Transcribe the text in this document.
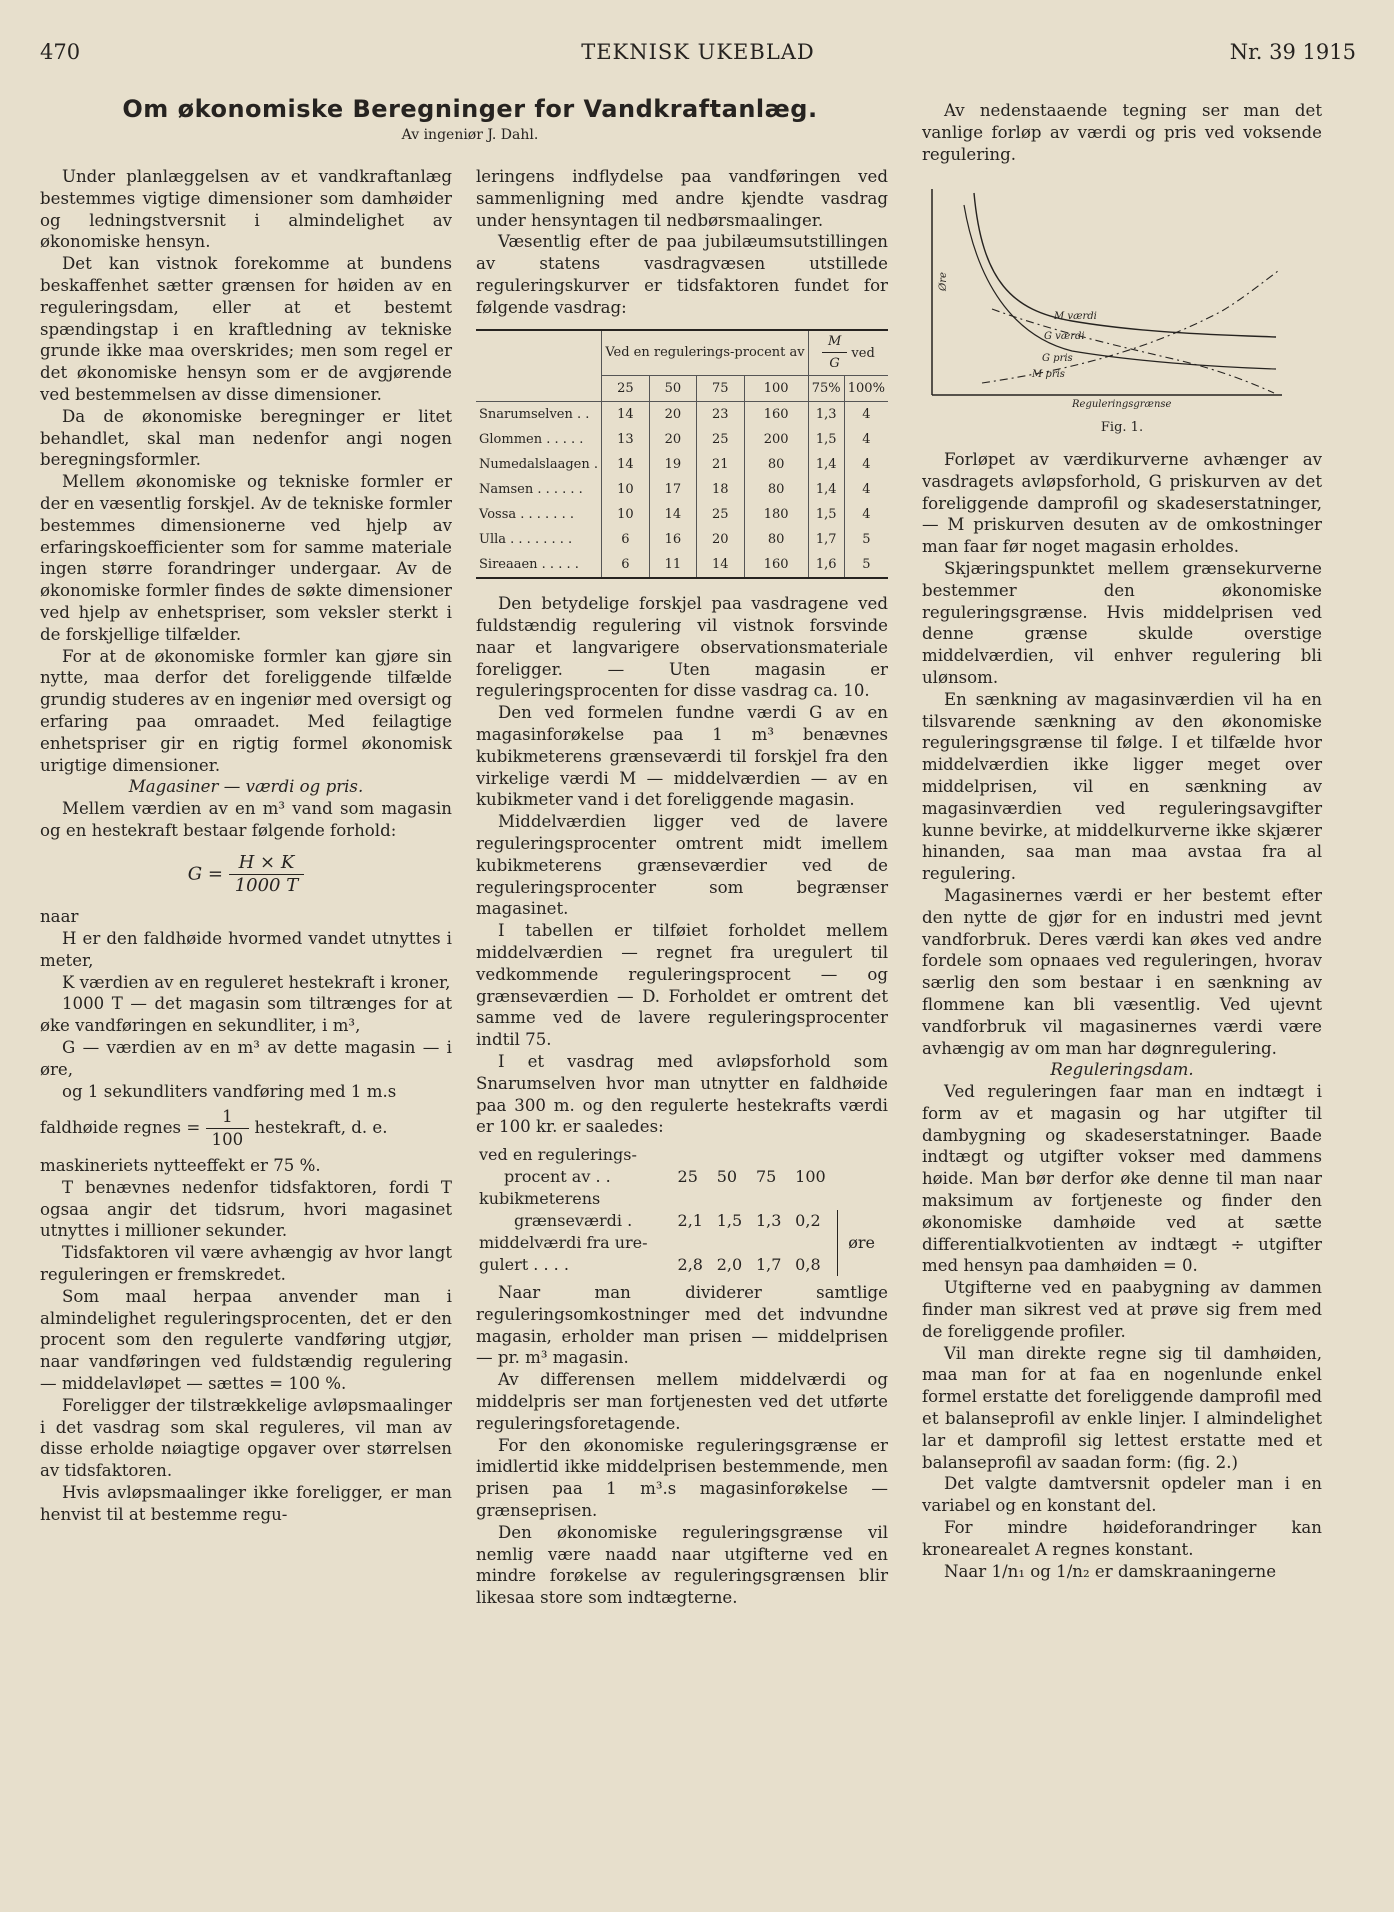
470	TEKNISK UKEBLAD	Nr. 39 1915
Om økonomiske Beregninger for Vandkraftanlæg.
Av ingeniør J. Dahl.

Under planlæggelsen av et vandkraftanlæg bestemmes vigtige dimensioner som damhøider og ledningstversnit i almindelighet av økonomiske hensyn.

Det kan vistnok forekomme at bundens beskaffenhet sætter grænsen for høiden av en reguleringsdam, eller at et bestemt spændingstap i en kraftledning av tekniske grunde ikke maa overskrides; men som regel er det økonomiske hensyn som er de avgjørende ved bestemmelsen av disse dimensioner.

Da de økonomiske beregninger er litet behandlet, skal man nedenfor angi nogen beregningsformler.

Mellem økonomiske og tekniske formler er der en væsentlig forskjel. Av de tekniske formler bestemmes dimensionerne ved hjelp av erfaringskoefficienter som for samme materiale ingen større forandringer undergaar. Av de økonomiske formler findes de søkte dimensioner ved hjelp av enhetspriser, som veksler sterkt i de forskjellige tilfælder.

For at de økonomiske formler kan gjøre sin nytte, maa derfor det foreliggende tilfælde grundig studeres av en ingeniør med oversigt og erfaring paa omraadet. Med feilagtige enhetspriser gir en rigtig formel økonomisk urigtige dimensioner.

Magasiner — værdi og pris.

Mellem værdien av en m³ vand som magasin og en hestekraft bestaar følgende forhold:

$G = \frac{H \times K}{1000 T}$

naar

H er den faldhøide hvormed vandet utnyttes i meter,

K værdien av en reguleret hestekraft i kroner,

1000 T — det magasin som tiltrænges for at øke vandføringen en sekundliter, i m³,

G — værdien av en m³ av dette magasin — i øre,

og 1 sekundliters vandføring med 1 m.s

faldhøide regnes = $\frac{1}{100}$ hestekraft, d. e.

maskineriets nytteeffekt er 75 %.

T benævnes nedenfor tidsfaktoren, fordi T ogsaa angir det tidsrum, hvori magasinet utnyttes i millioner sekunder.

Tidsfaktoren vil være avhængig av hvor langt reguleringen er fremskredet.

Som maal herpaa anvender man i almindelighet reguleringsprocenten, det er den procent som den regulerte vandføring utgjør, naar vandføringen ved fuldstændig regulering — middelavløpet — sættes = 100 %.

Foreligger der tilstrækkelige avløpsmaalinger i det vasdrag som skal reguleres, vil man av disse erholde nøiagtige opgaver over størrelsen av tidsfaktoren.

Hvis avløpsmaalinger ikke foreligger, er man henvist til at bestemme regu-

leringens indflydelse paa vandføringen ved sammenligning med andre kjendte vasdrag under hensyntagen til nedbørsmaalinger.

Væsentlig efter de paa jubilæumsutstillingen av statens vasdragvæsen utstillede reguleringskurver er tidsfaktoren fundet for følgende vasdrag:

	Ved en regulerings-procent av				$\frac{M}{G}$ ved	
	25	50	75	100	75%	100%
Snarumselven . .	14	20	23	160	1,3	4
Glommen . . . . .	13	20	25	200	1,5	4
Numedalslaagen .	14	19	21	80	1,4	4
Namsen . . . . . .	10	17	18	80	1,4	4
Vossa . . . . . . .	10	14	25	180	1,5	4
Ulla . . . . . . . .	6	16	20	80	1,7	5
Sireaaen . . . . .	6	11	14	160	1,6	5

Den betydelige forskjel paa vasdragene ved fuldstændig regulering vil vistnok forsvinde naar et langvarigere observationsmateriale foreligger. — Uten magasin er reguleringsprocenten for disse vasdrag ca. 10.

Den ved formelen fundne værdi G av en magasinforøkelse paa 1 m³ benævnes kubikmeterens grænseværdi til forskjel fra den virkelige værdi M — middelværdien — av en kubikmeter vand i det foreliggende magasin.

Middelværdien ligger ved de lavere reguleringsprocenter omtrent midt imellem kubikmeterens grænseværdier ved de reguleringsprocenter som begrænser magasinet.

I tabellen er tilføiet forholdet mellem middelværdien — regnet fra uregulert til vedkommende reguleringsprocent — og grænseværdien — D. Forholdet er omtrent det samme ved de lavere reguleringsprocenter indtil 75.

I et vasdrag med avløpsforhold som Snarumselven hvor man utnytter en faldhøide paa 300 m. og den regulerte hestekrafts værdi er 100 kr. er saaledes:

ved en regulerings-					
procent av . .	25	50	75	100	
kubikmeterens					
grænseværdi .	2,1	1,5	1,3	0,2	øre
middelværdi fra ure-					
gulert . . . .	2,8	2,0	1,7	0,8	

Naar man dividerer samtlige reguleringsomkostninger med det indvundne magasin, erholder man prisen — middelprisen — pr. m³ magasin.

Av differensen mellem middelværdi og middelpris ser man fortjenesten ved det utførte reguleringsforetagende.

For den økonomiske reguleringsgrænse er imidlertid ikke middelprisen bestemmende, men prisen paa 1 m³.s magasinforøkelse — grænseprisen.

Den økonomiske reguleringsgrænse vil nemlig være naadd naar utgifterne ved en mindre forøkelse av reguleringsgrænsen blir likesaa store som indtægterne.

Av nedenstaaende tegning ser man det vanlige forløp av værdi og pris ved voksende regulering.

M værdi
G værdi
G pris
M pris
Reguleringsgrænse
Øre
Fig. 1.

Forløpet av værdikurverne avhænger av vasdragets avløpsforhold, G priskurven av det foreliggende damprofil og skadeserstatninger, — M priskurven desuten av de omkostninger man faar før noget magasin erholdes.

Skjæringspunktet mellem grænsekurverne bestemmer den økonomiske reguleringsgrænse. Hvis middelprisen ved denne grænse skulde overstige middelværdien, vil enhver regulering bli ulønsom.

En sænkning av magasinværdien vil ha en tilsvarende sænkning av den økonomiske reguleringsgrænse til følge. I et tilfælde hvor middelværdien ikke ligger meget over middelprisen, vil en sænkning av magasinværdien ved reguleringsavgifter kunne bevirke, at middelkurverne ikke skjærer hinanden, saa man maa avstaa fra al regulering.

Magasinernes værdi er her bestemt efter den nytte de gjør for en industri med jevnt vandforbruk. Deres værdi kan økes ved andre fordele som opnaaes ved reguleringen, hvorav særlig den som bestaar i en sænkning av flommene kan bli væsentlig. Ved ujevnt vandforbruk vil magasinernes værdi være avhængig av om man har døgnregulering.

Reguleringsdam.

Ved reguleringen faar man en indtægt i form av et magasin og har utgifter til dambygning og skadeserstatninger. Baade indtægt og utgifter vokser med dammens høide. Man bør derfor øke denne til man naar maksimum av fortjeneste og finder den økonomiske damhøide ved at sætte differentialkvotienten av indtægt ÷ utgifter med hensyn paa damhøiden = 0.

Utgifterne ved en paabygning av dammen finder man sikrest ved at prøve sig frem med de foreliggende profiler.

Vil man direkte regne sig til damhøiden, maa man for at faa en nogenlunde enkel formel erstatte det foreliggende damprofil med et balanseprofil av enkle linjer. I almindelighet lar et damprofil sig lettest erstatte med et balanseprofil av saadan form: (fig. 2.)

Det valgte damtversnit opdeler man i en variabel og en konstant del.

For mindre høideforandringer kan kronearealet A regnes konstant.

Naar 1/n₁ og 1/n₂ er damskraaningerne
